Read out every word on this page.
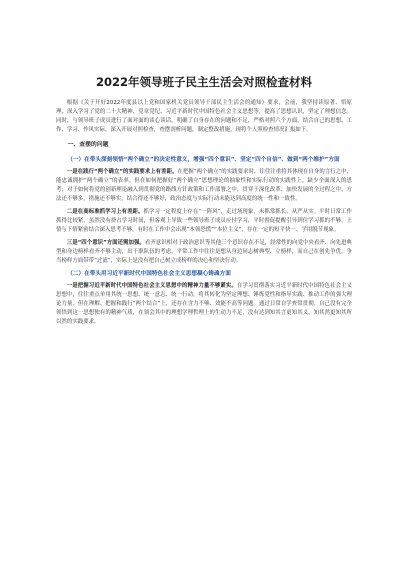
2022年领导班子民主生活会对照检查材料

根据《关于开好2022年度县以上党和国家机关党员领导干部民主生活会的通知》要求，会前，我坚持读原著、悟原理，深入学习了党的二十大精神、党章党纪、习近平新时代中国特色社会主义思想等，提高了思想认识，坚定了理想信念。同时，与领导班子成员进行了面对面的谈心谈话，明确了自身存在的问题和不足，严格对照六个方面，结合自己的思想、工作、学习、作风实际，深入开展对照检查，查摆剖析问题，制定整改措施，现将个人照检查情况汇报如下。

一、查摆的问题

（一）在带头深刻领悟“两个确立”的决定性意义，增强“四个意识”、坚定“四个自信”、做到“两个维护”方面

一是在践行“两个确立”的实践要求上有差距。在把握“两个确立”的实践要求时，往往注重将其体现在自身的言行之中，能忠诚拥护“两个确立”的表率。但在如何把握好“两个确立”思想理论的抽象性和实际行动的实践性上，缺少全面深入的思考；对于如何将党的创新理论融入到贯彻党的路线方针政策和工作部署之中，贯穿于深化改革、加快发展的全过程之中，方法还不够多，措施还不够实，结合得还不够好，政治态度与实际行动未能达到高度的统一性和一致性。

二是在高标准抓学习上有差距。抓学习一定程度上存在“一阵风”、走过场现象，未抓常抓长、从严从实。平时日常工作抓得比较紧，虽然没有挤占学习时间，但客观上导致一些领导班子成员应付学习，平时督促提醒引导到位学习抓的不够。上情与下情紧密结合深入思考不够，有时在工作中会出现“本领恐慌”“本位主义”，存在一定的短平快一、学用脱节现象。

三是“四个意识”方面还需加强。看齐意识相对于政治意识等其他三个意识存在不足，经常性的向党中央看齐、向先进典型和身边榜样看齐不够主动，出于职队伍的考虑，平常工作中往往是想从身边同志树典型、立榜样，而自己在创先争优，争当榜样方面带带“过滤”，实际上是没有把自己树立成榜样的决心和坚决行动。

（二）在带头用习近平新时代中国特色社会主义思想凝心铸魂方面

一是把握习近平新时代中国特色社会主义思想中的精神力量不够紧实。在学习贯彻落实习近平新时代中国特色社会主义思想中，往往重点单用其统一思想、统一意志、统一行动，将其转化为坚定理想、锤炼党性和指导实践、推动工作的强大理论力量，但在理解、把握和践行“两个结合”上，还存在含力不够、效能不高等问题。通过日常自学查常贯彻，自己没有完全领悟到这一思想独有的精神气质，在领会其中的理想学理哲理上的生动力不足，没有达到知其言更知其义，知其然更知其所以然的实践要求。
